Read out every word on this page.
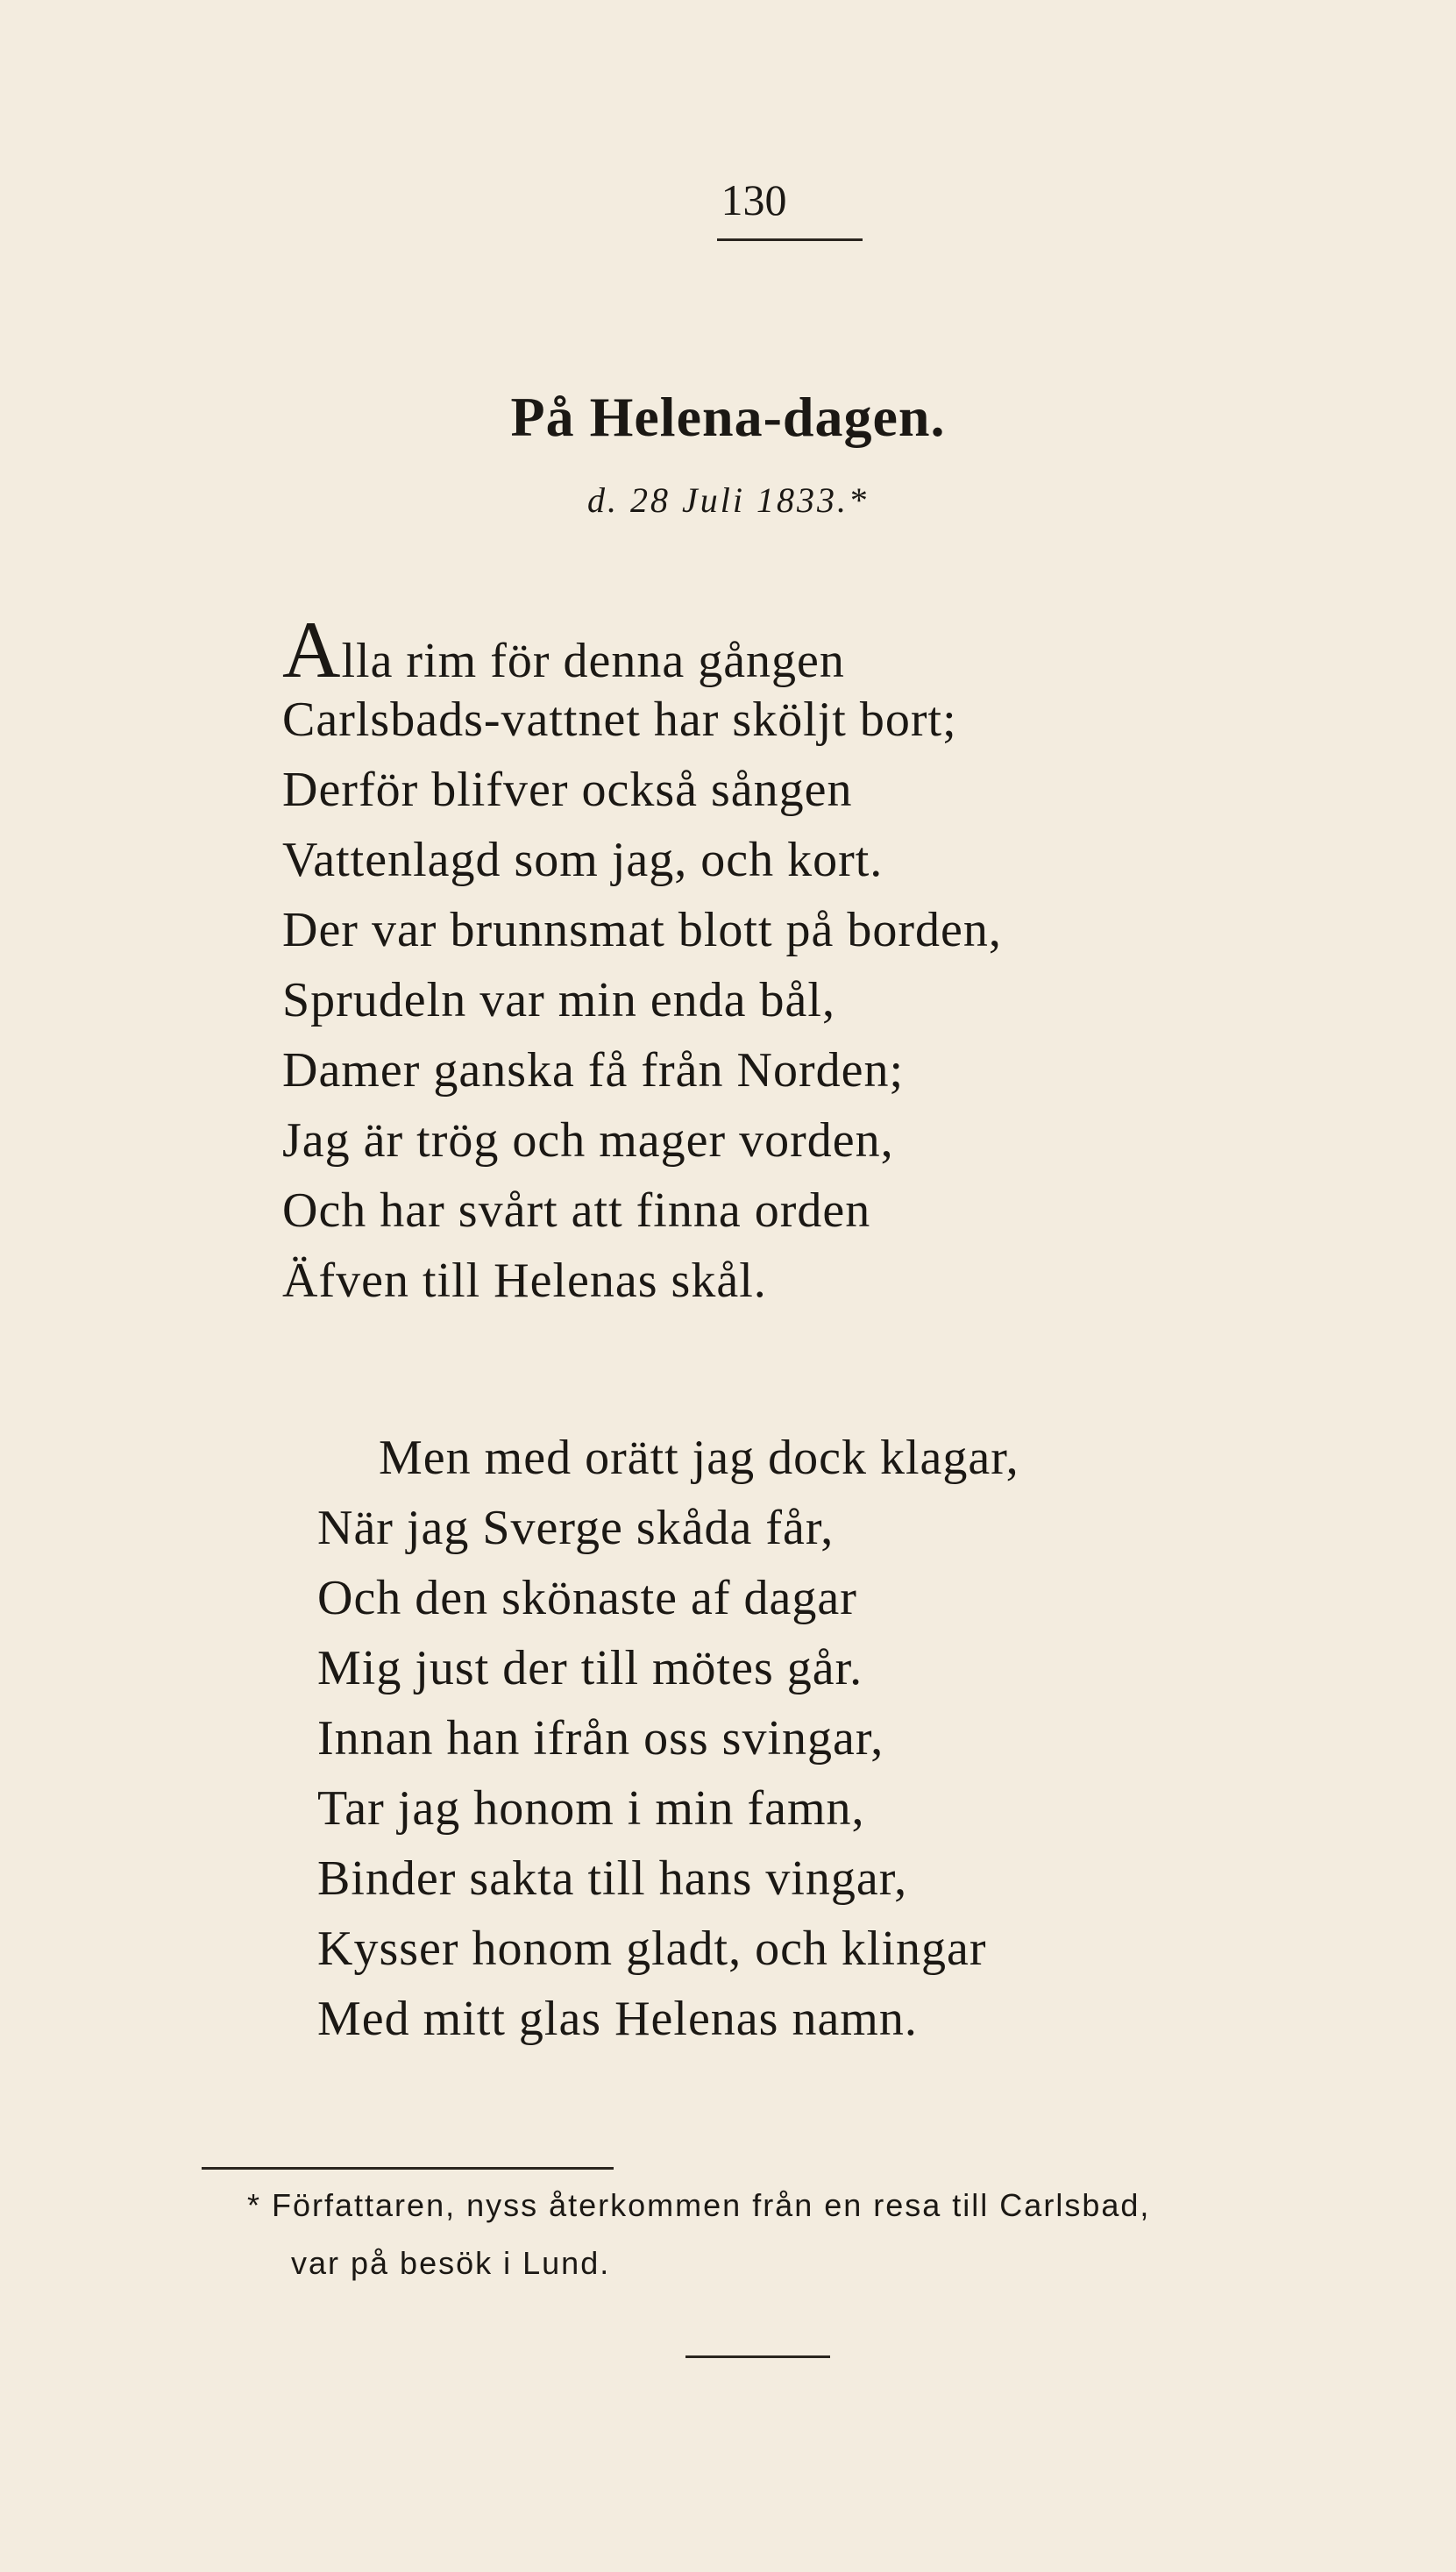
130
På Helena-dagen.
d. 28 Juli 1833.*
Alla rim för denna gången
Carlsbads-vattnet har sköljt bort;
Derför blifver också sången
Vattenlagd som jag, och kort.
Der var brunnsmat blott på borden,
Sprudeln var min enda bål,
Damer ganska få från Norden;
Jag är trög och mager vorden,
Och har svårt att finna orden
Äfven till Helenas skål.
Men med orätt jag dock klagar,
När jag Sverge skåda får,
Och den skönaste af dagar
Mig just der till mötes går.
Innan han ifrån oss svingar,
Tar jag honom i min famn,
Binder sakta till hans vingar,
Kysser honom gladt, och klingar
Med mitt glas Helenas namn.
* Författaren, nyss återkommen från en resa till Carlsbad,
var på besök i Lund.
